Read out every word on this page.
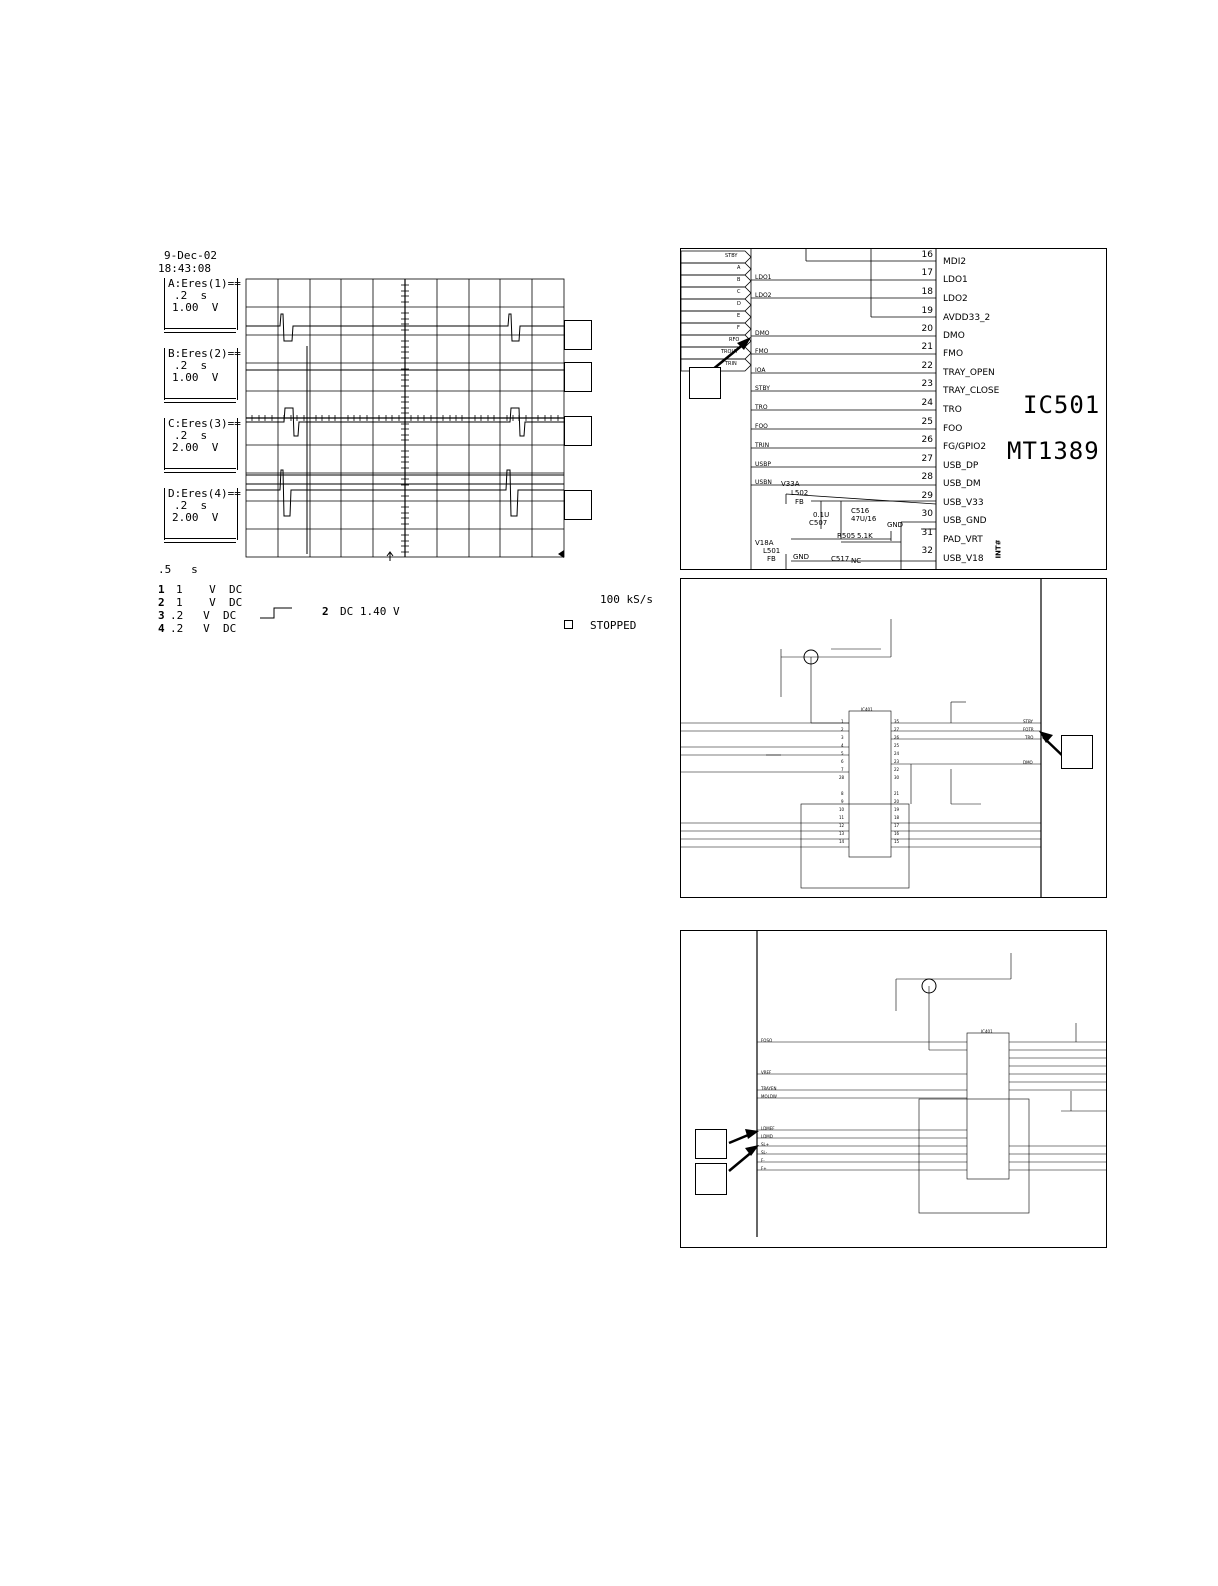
9-Dec-02
18:43:08
A:Eres(1)==
.2  s
1.00  V
B:Eres(2)==
.2  s
1.00  V
C:Eres(3)==
.2  s
2.00  V
D:Eres(4)==
.2  s
2.00  V
.5   s
1 1    V  DC
2 1    V  DC
3 .2   V  DC
4 .2   V  DC
2 DC 1.40 V
100 kS/s
STOPPED
STBY
A
B
C
D
E
F
RFO
TROUT
TRIN
LDO1
LDO2
DMO
FMO
IOA
STBY
TRO
FOO
TRIN
USBP
USBN V33A
L502
FB
C516
47U/16
0.1U
C507
R505 5.1K
GND
V18A
L501
FB GND	C517 NC
INT#
16
MDI2
17
LDO1
18
LDO2
19
AVDD33_2
20
DMO
21
FMO
22
TRAY_OPEN
23
TRAY_CLOSE
24
TRO
25
FOO
26
FG/GPIO2
27
USB_DP
28
USB_DM
29
USB_V33
30
USB_GND
31
PAD_VRT
32
USB_V18
IC501
MT1389
IC401
STBY
FOTR
TRO
DMO
1
2
3
4
5
6
7
28
8
9
10
11
12
13
14
35
27
26
25
24
23
22
30
21
20
19
18
17
16
15
IC401
FOSO
VREF
TRAYEN
MOLDW
LDMEF
LDMD
SL+
SL-
F-
F+
